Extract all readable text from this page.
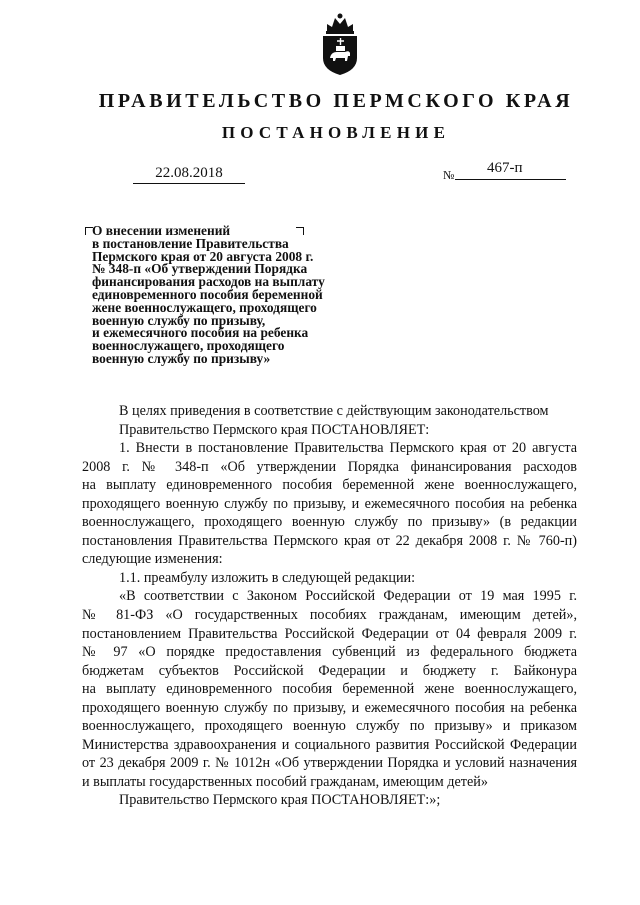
ПРАВИТЕЛЬСТВО ПЕРМСКОГО КРАЯ
ПОСТАНОВЛЕНИЕ
22.08.2018	№ 467-п
О внесении изменений
в постановление Правительства
Пермского края от 20 августа 2008 г.
№ 348-п «Об утверждении Порядка
финансирования расходов на выплату
единовременного пособия беременной
жене военнослужащего, проходящего
военную службу по призыву,
и ежемесячного пособия на ребенка
военнослужащего, проходящего
военную службу по призыву»
В целях приведения в соответствие с действующим законодательством
Правительство Пермского края ПОСТАНОВЛЯЕТ:
1. Внести в постановление Правительства Пермского края от 20 августа
2008 г. № 348-п «Об утверждении Порядка финансирования расходов
на выплату единовременного пособия беременной жене военнослужащего,
проходящего военную службу по призыву, и ежемесячного пособия на ребенка
военнослужащего, проходящего военную службу по призыву» (в редакции
постановления Правительства Пермского края от 22 декабря 2008 г. № 760-п)
следующие изменения:
1.1. преамбулу изложить в следующей редакции:
«В соответствии с Законом Российской Федерации от 19 мая 1995 г.
№ 81-ФЗ «О государственных пособиях гражданам, имеющим детей»,
постановлением Правительства Российской Федерации от 04 февраля 2009 г.
№ 97 «О порядке предоставления субвенций из федерального бюджета
бюджетам субъектов Российской Федерации и бюджету г. Байконура
на выплату единовременного пособия беременной жене военнослужащего,
проходящего военную службу по призыву, и ежемесячного пособия на ребенка
военнослужащего, проходящего военную службу по призыву» и приказом
Министерства здравоохранения и социального развития Российской Федерации
от 23 декабря 2009 г. № 1012н «Об утверждении Порядка и условий назначения
и выплаты государственных пособий гражданам, имеющим детей»
Правительство Пермского края ПОСТАНОВЛЯЕТ:»;
